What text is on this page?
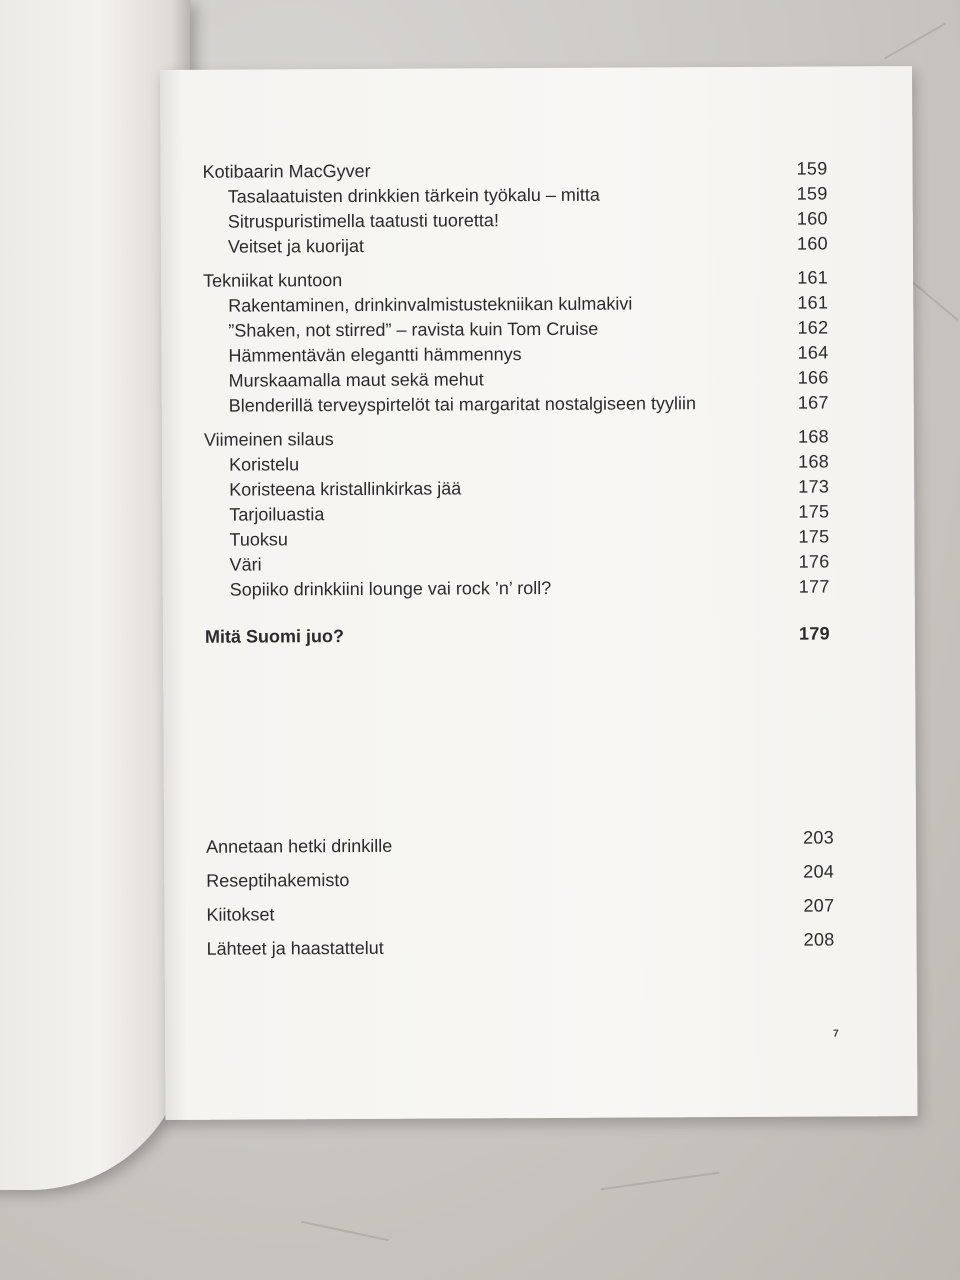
Kotibaarin MacGyver	159
Tasalaatuisten drinkkien tärkein työkalu – mitta	159
Sitruspuristimella taatusti tuoretta!	160
Veitset ja kuorijat	160
Tekniikat kuntoon	161
Rakentaminen, drinkinvalmistustekniikan kulmakivi	161
”Shaken, not stirred” – ravista kuin Tom Cruise	162
Hämmentävän elegantti hämmennys	164
Murskaamalla maut sekä mehut	166
Blenderillä terveyspirtelöt tai margaritat nostalgiseen tyyliin	167
Viimeinen silaus	168
Koristelu	168
Koristeena kristallinkirkas jää	173
Tarjoiluastia	175
Tuoksu	175
Väri	176
Sopiiko drinkkiini lounge vai rock ’n’ roll?	177
Mitä Suomi juo?	179
Annetaan hetki drinkille	203
Reseptihakemisto	204
Kiitokset	207
Lähteet ja haastattelut	208
7
